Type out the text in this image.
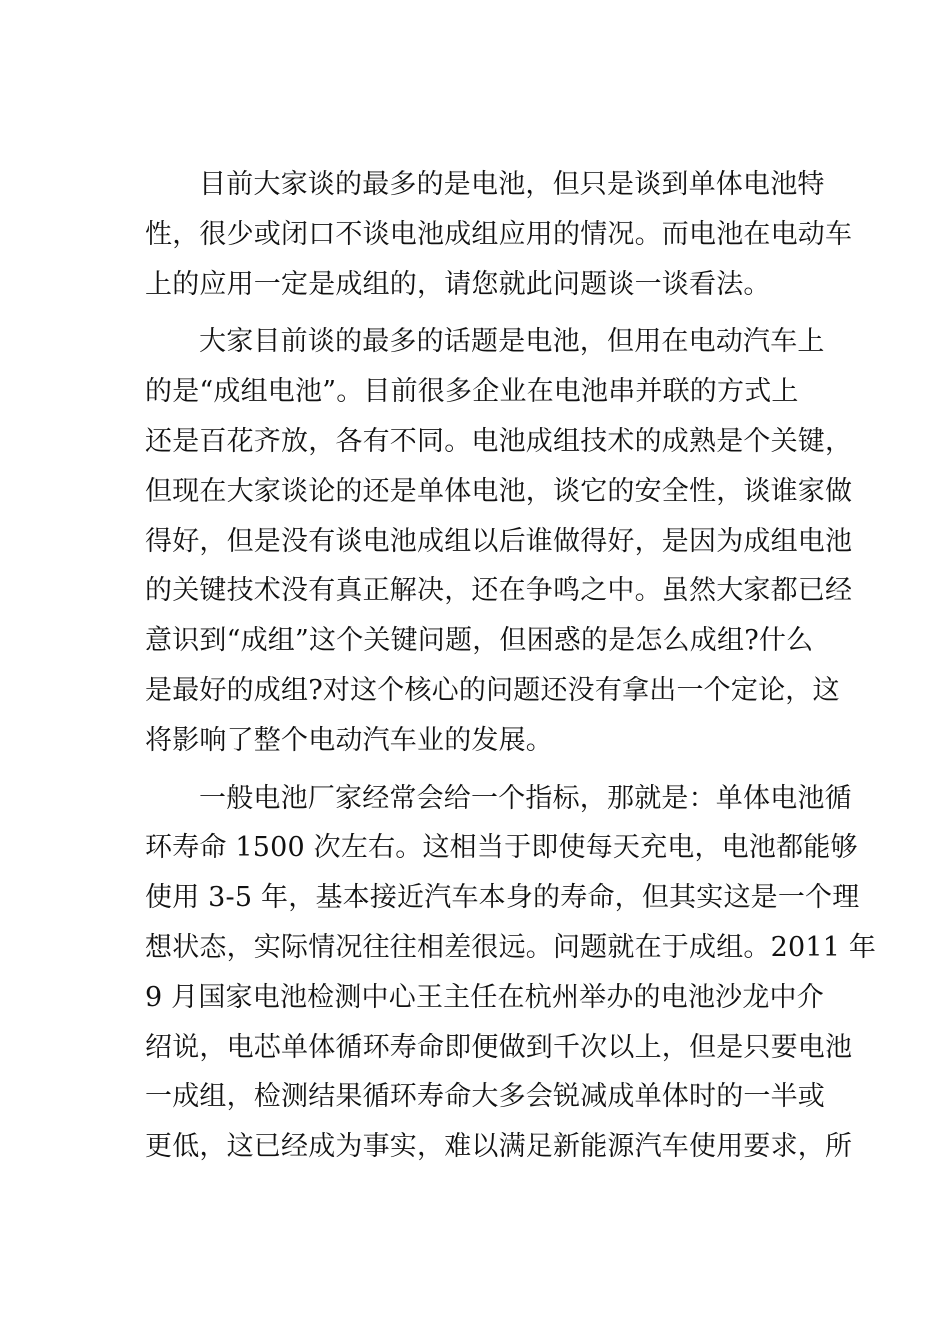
目前大家谈的最多的是电池，但只是谈到单体电池特
性，很少或闭口不谈电池成组应用的情况。而电池在电动车
上的应用一定是成组的，请您就此问题谈一谈看法。

大家目前谈的最多的话题是电池，但用在电动汽车上
的是“成组电池”。目前很多企业在电池串并联的方式上
还是百花齐放，各有不同。电池成组技术的成熟是个关键，
但现在大家谈论的还是单体电池，谈它的安全性，谈谁家做
得好，但是没有谈电池成组以后谁做得好，是因为成组电池
的关键技术没有真正解决，还在争鸣之中。虽然大家都已经
意识到“成组”这个关键问题，但困惑的是怎么成组?什么
是最好的成组?对这个核心的问题还没有拿出一个定论，这
将影响了整个电动汽车业的发展。

一般电池厂家经常会给一个指标，那就是：单体电池循
环寿命 1500 次左右。这相当于即使每天充电，电池都能够
使用 3-5 年，基本接近汽车本身的寿命，但其实这是一个理
想状态，实际情况往往相差很远。问题就在于成组。2011 年
9 月国家电池检测中心王主任在杭州举办的电池沙龙中介
绍说，电芯单体循环寿命即便做到千次以上，但是只要电池
一成组，检测结果循环寿命大多会锐减成单体时的一半或
更低，这已经成为事实，难以满足新能源汽车使用要求，所
